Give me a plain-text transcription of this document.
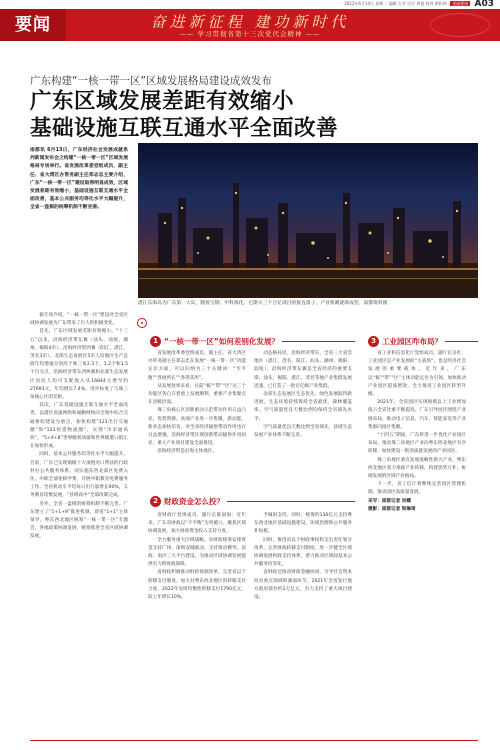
2022年6月14日 星期二 编辑 古芳 设计 周俊 校对 黄积林 美丽要闻 A03
要闻	奋进新征程 建功新时代
—— 学习贯彻省第十三次党代会精神 ——
广东构建“一核一带一区”区域发展格局建设成效发布
广东区域发展差距有效缩小
基础设施互联互通水平全面改善
南都讯 6月13日，广东经济社会发展成就系列新闻发布会之构建“一核一带一区”区域发展格局专场举行。省发展改革委党组成员、副主任、省大湾区办常务副主任郑志忠主要介绍，广东“一核一带一区”建设取得明显成效，区域发展差距有效缩小，基础设施互联互通水平全面改善，基本公共服务均等化水平大幅提升，全省一盘棋的统筹机制不断完善。
湛江东海岛为广东第一大岛，随着宝钢、中科炼化、巴斯夫三个百亿项目的接连落子，产业集聚逐渐成型。南都资料图

据专场介绍，“一核一带一区”建设对全省区域协调发展为广东带来了巨大的积极变化。

首先，广东区域发展差距有效缩小。“十三五”以来，沿海经济带东翼（汕头、汕尾、潮州、揭阳4市）、沿海经济带西翼（阳江、湛江、茂名3市）、北部生态发展区5市人均地区生产总值年均增速分别高于珠三角2.3个、1.2个和1.5个百分点，沿海经济带东西两翼和北部生态发展区居民人均可支配收入从16844元增至约27691元，年均增长7.4%，进步标度了与珠三角核心区的差距。

其次，广东基础设施互联互通水平全面改善。以港区高速网络和通勤网络向全领中综合交通枢纽建设为重点，加快构建“123出行交通圈”和“123快货物流圈”，实现“市市通高铁”。“5+4+8”世界级机场群和世界级港口群正在加快形成。

同时，基本公共服务均等化水平大幅提升。目前，广东已实现镇级十大项链对口帮扶的行政村办公共服务体系，而实施东西北部区免费入住、中职全部免除学费，开展中职教育免费服务工作。全省机动车平均每日出行量增长90%，义务教育均衡发展，“县域高中”全部改制完成。

另外，全省一盘棋的统筹机制不断完善。广东建立了“1+1+9”推进机制，即省“1+1”主体领导，粤东西北地区统筹“一核一带一区”专题会，各地政策协调发展，统筹推进全省区域协调发展。

1 “一核一带一区”如何差别化发展？

省发展改革委党组成员、副主任、省大湾区办常务副主任郑志忠在发展“一核一带一区”功能定位方面，可以归纳为三个关键词：“至平衡”“各展所长”“各得其所”。

从发展效果来看，目前“核”“带”“区”这三个功能区各自在着重上发展顺利，重要产业集聚点在县级层面。

珠三角核心区创新驱动示范带动作用日益凸显。优势资源、高端产业进一步集聚，新动能、新业态加快培育，对全省经济辐射带动作用也在日益增强。沿海经济带区域创新带动辐射作用初显，重大产业项目建设全面推进。

沿海经济带是沿海主体地区。

动态格局显，沿海经济带东、全省三大省会地区（湛江、茂名、阳江、汕头、潮州、揭阳、汕尾）。沿海经济带东翼是全省经济的重要支撑，汕头、揭阳、湛江、茂名等地产业集群发展迅速，已打造了一批百亿级产业集群。

北部生态发展区生态优先、绿色发展取得新进展。生态环境持续保持全省最优，森林覆盖率、空气质量优良天数比例均保持全省领先水平。

空气质量优良天数比例全省领先，县域生态发展产业体系不断完善。

2 财政资金怎么投？

省财政厅党组成员、副厅长陈国海：近年来，广东省财政以“不平衡”为突破口，聚焦区域协调发展，加大财政资金投入支持力度。

全力服务重大区域战略。省财政统筹安排资金支持广州、深圳双城联动，支持推动横琴、前海、南沙三大平台建设，为推动区域协调发展提供有力的财政保障。

省财政积极推动财政体制改革，完善省以下转移支付制度，加大对粤东西北地区的转移支付力度，2022年安排均衡性转移支付1790亿元，较上年增长10%。

予倾斜支持。同时，统筹约130亿元支持粤东西北地区基础设施建设、环境治理和公共服务补短板。

同时，推进省以下财政事权和支出责任划分改革，完善财政转移支付制度，进一步健全区域协调发展财政支持体系，着力推动区域间基本公共服务均等化。

省财政还推动财政金融协同，引导社会资本投向重点领域和薄弱环节，2021年全省发行地方政府债券约1万亿元，有力支持了重大项目建设。

3 工业园区咋布局？

省工业和信息化厅党组成员、副厅长吴红：工业园区是产业发展的“主战场”，也是经济社会发展的重要载体。近年来，广东以“核”“带”“区”主体功能定位为引领，加快推动产业园区提质增效，全力推进工业园区转型升级。

2021年，全省园区实现规模以上工业增加值占全省比重不断提高。广东引导园区围绕产业链布局，推动电子信息、汽车、智能家电等产业集群向园区集聚。

“十四五”期间，广东将进一步优化产业园区布局，推动珠三角地区产业向粤东西北地区有序转移，加快建设一批高质量发展的产业园区。

珠三角地区重点发展战略性新兴产业，粤东西北地区着力承接产业转移，构建优势互补、协调发展的区域产业格局。

下一步，省工信厅将继续完善园区管理机制，推动园区高质量发展。

采写：南都记者 吴蝶

摄影：南都记者 梁琳琦
